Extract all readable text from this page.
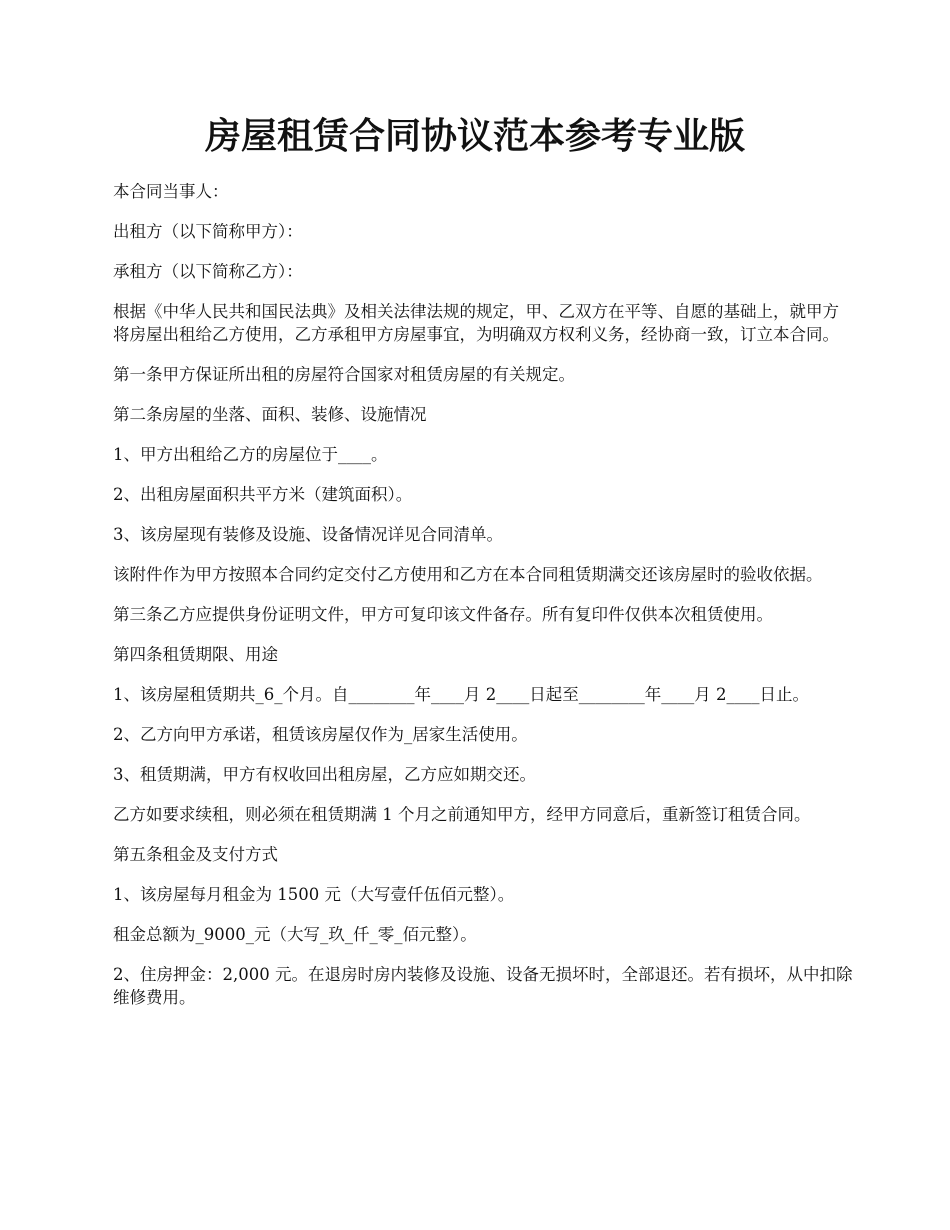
房屋租赁合同协议范本参考专业版

本合同当事人：

出租方（以下简称甲方）：

承租方（以下简称乙方）：

根据《中华人民共和国民法典》及相关法律法规的规定，甲、乙双方在平等、自愿的基础上，就甲方将房屋出租给乙方使用，乙方承租甲方房屋事宜，为明确双方权利义务，经协商一致，订立本合同。

第一条甲方保证所出租的房屋符合国家对租赁房屋的有关规定。

第二条房屋的坐落、面积、装修、设施情况

1、甲方出租给乙方的房屋位于____。

2、出租房屋面积共平方米（建筑面积）。

3、该房屋现有装修及设施、设备情况详见合同清单。

该附件作为甲方按照本合同约定交付乙方使用和乙方在本合同租赁期满交还该房屋时的验收依据。

第三条乙方应提供身份证明文件，甲方可复印该文件备存。所有复印件仅供本次租赁使用。

第四条租赁期限、用途

1、该房屋租赁期共_6_个月。自________年____月 2____日起至________年____月 2____日止。

2、乙方向甲方承诺，租赁该房屋仅作为_居家生活使用。

3、租赁期满，甲方有权收回出租房屋，乙方应如期交还。

乙方如要求续租，则必须在租赁期满 1 个月之前通知甲方，经甲方同意后，重新签订租赁合同。

第五条租金及支付方式

1、该房屋每月租金为 1500 元（大写壹仟伍佰元整）。

租金总额为_9000_元（大写_玖_仟_零_佰元整）。

2、住房押金：2,000 元。在退房时房内装修及设施、设备无损坏时，全部退还。若有损坏，从中扣除维修费用。
